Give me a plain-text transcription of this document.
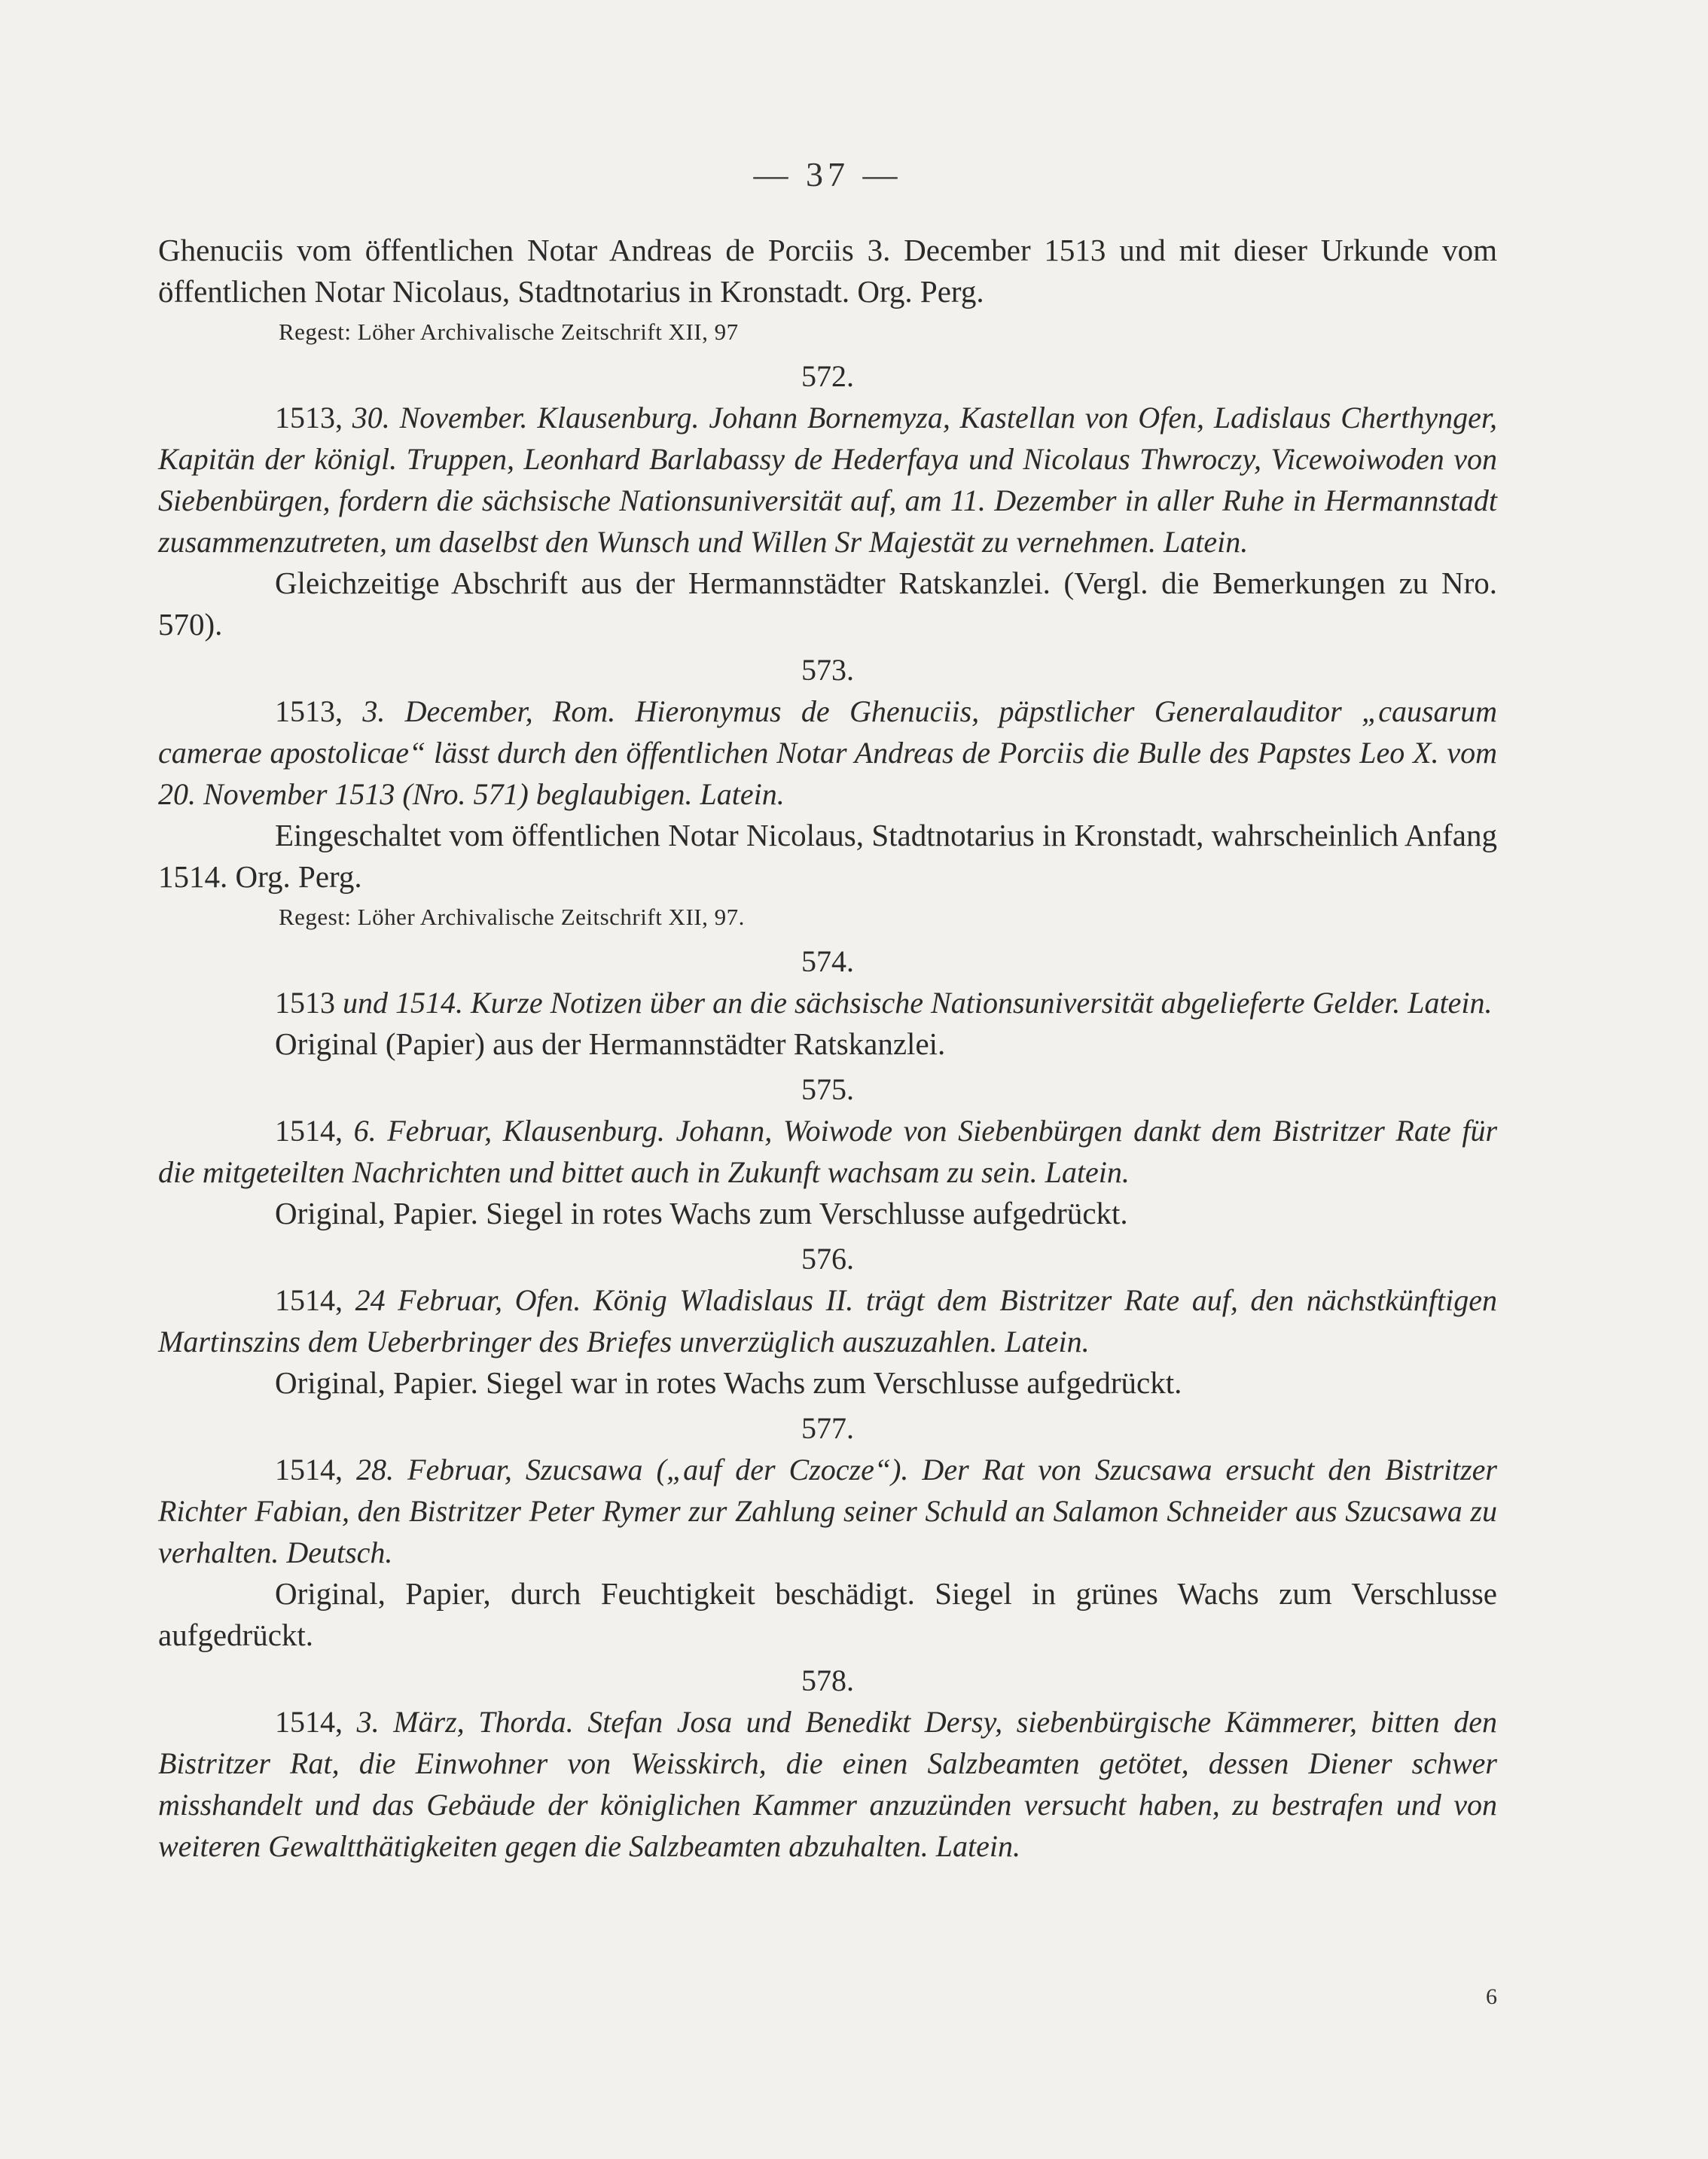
— 37 —

Ghenuciis vom öffentlichen Notar Andreas de Porciis 3. December 1513 und mit dieser Urkunde vom öffentlichen Notar Nicolaus, Stadtnotarius in Kronstadt. Org. Perg.

Regest: Löher Archivalische Zeitschrift XII, 97

572.

1513, 30. November. Klausenburg. Johann Bornemyza, Kastellan von Ofen, Ladislaus Cherthynger, Kapitän der königl. Truppen, Leonhard Barlabassy de Hederfaya und Nicolaus Thwroczy, Vicewoiwoden von Siebenbürgen, fordern die sächsische Nationsuniversität auf, am 11. Dezember in aller Ruhe in Hermannstadt zusammenzutreten, um daselbst den Wunsch und Willen Sr Majestät zu vernehmen. Latein.

Gleichzeitige Abschrift aus der Hermannstädter Ratskanzlei. (Vergl. die Bemerkungen zu Nro. 570).

573.

1513, 3. December, Rom. Hieronymus de Ghenuciis, päpstlicher Generalauditor „causarum camerae apostolicae“ lässt durch den öffentlichen Notar Andreas de Porciis die Bulle des Papstes Leo X. vom 20. November 1513 (Nro. 571) beglaubigen. Latein.

Eingeschaltet vom öffentlichen Notar Nicolaus, Stadtnotarius in Kronstadt, wahrscheinlich Anfang 1514. Org. Perg.

Regest: Löher Archivalische Zeitschrift XII, 97.

574.

1513 und 1514. Kurze Notizen über an die sächsische Nationsuniversität abgelieferte Gelder. Latein.

Original (Papier) aus der Hermannstädter Ratskanzlei.

575.

1514, 6. Februar, Klausenburg. Johann, Woiwode von Siebenbürgen dankt dem Bistritzer Rate für die mitgeteilten Nachrichten und bittet auch in Zukunft wachsam zu sein. Latein.

Original, Papier. Siegel in rotes Wachs zum Verschlusse aufgedrückt.

576.

1514, 24 Februar, Ofen. König Wladislaus II. trägt dem Bistritzer Rate auf, den nächstkünftigen Martinszins dem Ueberbringer des Briefes unverzüglich auszuzahlen. Latein.

Original, Papier. Siegel war in rotes Wachs zum Verschlusse aufgedrückt.

577.

1514, 28. Februar, Szucsawa („auf der Czocze“). Der Rat von Szucsawa ersucht den Bistritzer Richter Fabian, den Bistritzer Peter Rymer zur Zahlung seiner Schuld an Salamon Schneider aus Szucsawa zu verhalten. Deutsch.

Original, Papier, durch Feuchtigkeit beschädigt. Siegel in grünes Wachs zum Verschlusse aufgedrückt.

578.

1514, 3. März, Thorda. Stefan Josa und Benedikt Dersy, siebenbürgische Kämmerer, bitten den Bistritzer Rat, die Einwohner von Weisskirch, die einen Salzbeamten getötet, dessen Diener schwer misshandelt und das Gebäude der königlichen Kammer anzuzünden versucht haben, zu bestrafen und von weiteren Gewaltthätigkeiten gegen die Salzbeamten abzuhalten. Latein.

6
